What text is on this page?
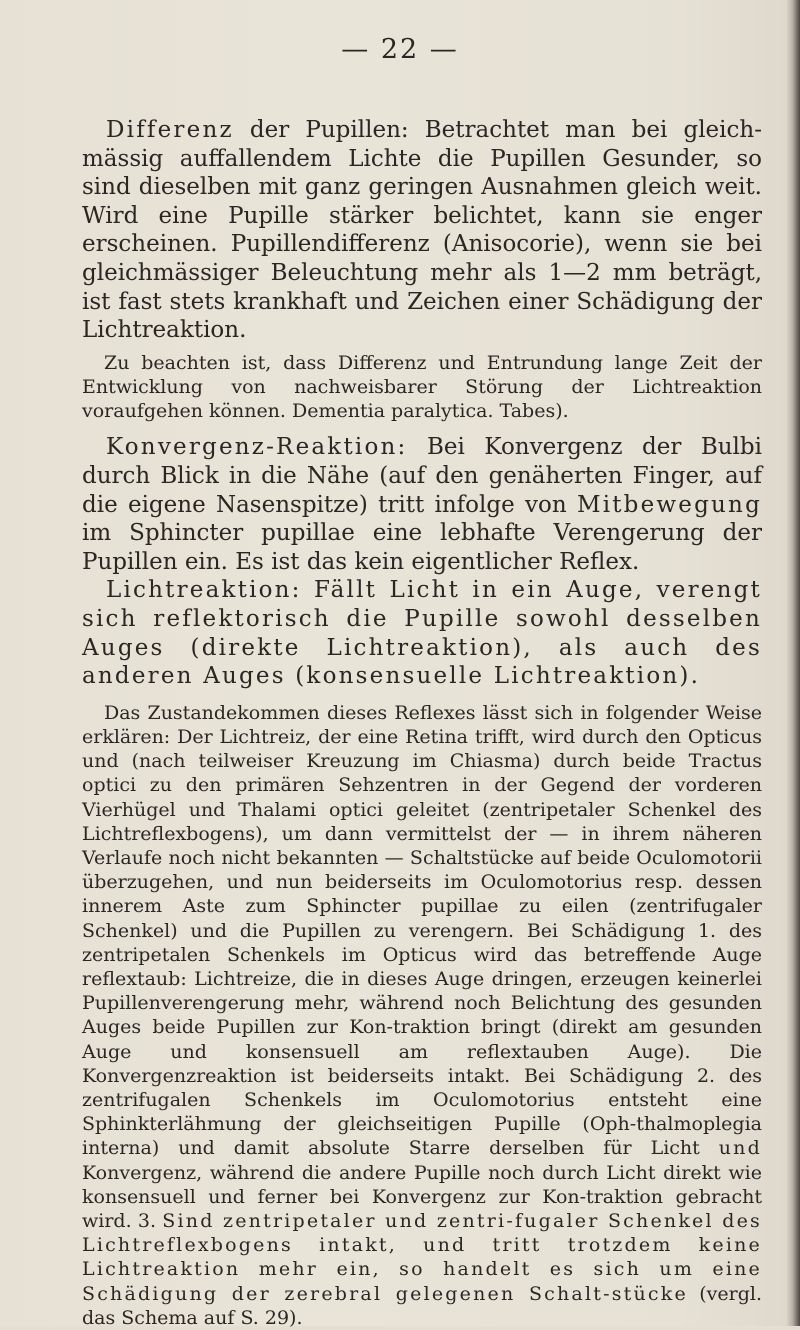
— 22 —

Differenz der Pupillen: Betrachtet man bei gleich-mässig auffallendem Lichte die Pupillen Gesunder, so sind dieselben mit ganz geringen Ausnahmen gleich weit. Wird eine Pupille stärker belichtet, kann sie enger erscheinen. Pupillendifferenz (Anisocorie), wenn sie bei gleichmässiger Beleuchtung mehr als 1—2 mm beträgt, ist fast stets krankhaft und Zeichen einer Schädigung der Lichtreaktion.

Zu beachten ist, dass Differenz und Entrundung lange Zeit der Entwicklung von nachweisbarer Störung der Lichtreaktion voraufgehen können. Dementia paralytica. Tabes).

Konvergenz-Reaktion: Bei Konvergenz der Bulbi durch Blick in die Nähe (auf den genäherten Finger, auf die eigene Nasenspitze) tritt infolge von Mitbewegung im Sphincter pupillae eine lebhafte Verengerung der Pupillen ein. Es ist das kein eigentlicher Reflex.

Lichtreaktion: Fällt Licht in ein Auge, verengt sich reflektorisch die Pupille sowohl desselben Auges (direkte Lichtreaktion), als auch des anderen Auges (konsensuelle Lichtreaktion).

Das Zustandekommen dieses Reflexes lässt sich in folgender Weise erklären: Der Lichtreiz, der eine Retina trifft, wird durch den Opticus und (nach teilweiser Kreuzung im Chiasma) durch beide Tractus optici zu den primären Sehzentren in der Gegend der vorderen Vierhügel und Thalami optici geleitet (zentripetaler Schenkel des Lichtreflexbogens), um dann vermittelst der — in ihrem näheren Verlaufe noch nicht bekannten — Schaltstücke auf beide Oculomotorii überzugehen, und nun beiderseits im Oculomotorius resp. dessen innerem Aste zum Sphincter pupillae zu eilen (zentrifugaler Schenkel) und die Pupillen zu verengern. Bei Schädigung 1. des zentripetalen Schenkels im Opticus wird das betreffende Auge reflextaub: Lichtreize, die in dieses Auge dringen, erzeugen keinerlei Pupillenverengerung mehr, während noch Belichtung des gesunden Auges beide Pupillen zur Kon-traktion bringt (direkt am gesunden Auge und konsensuell am reflextauben Auge). Die Konvergenzreaktion ist beiderseits intakt. Bei Schädigung 2. des zentrifugalen Schenkels im Oculomotorius entsteht eine Sphinkterlähmung der gleichseitigen Pupille (Oph-thalmoplegia interna) und damit absolute Starre derselben für Licht und Konvergenz, während die andere Pupille noch durch Licht direkt wie konsensuell und ferner bei Konvergenz zur Kon-traktion gebracht wird. 3. Sind zentripetaler und zentri-fugaler Schenkel des Lichtreflexbogens intakt, und tritt trotzdem keine Lichtreaktion mehr ein, so handelt es sich um eine Schädigung der zerebral gelegenen Schalt-stücke (vergl. das Schema auf S. 29).
